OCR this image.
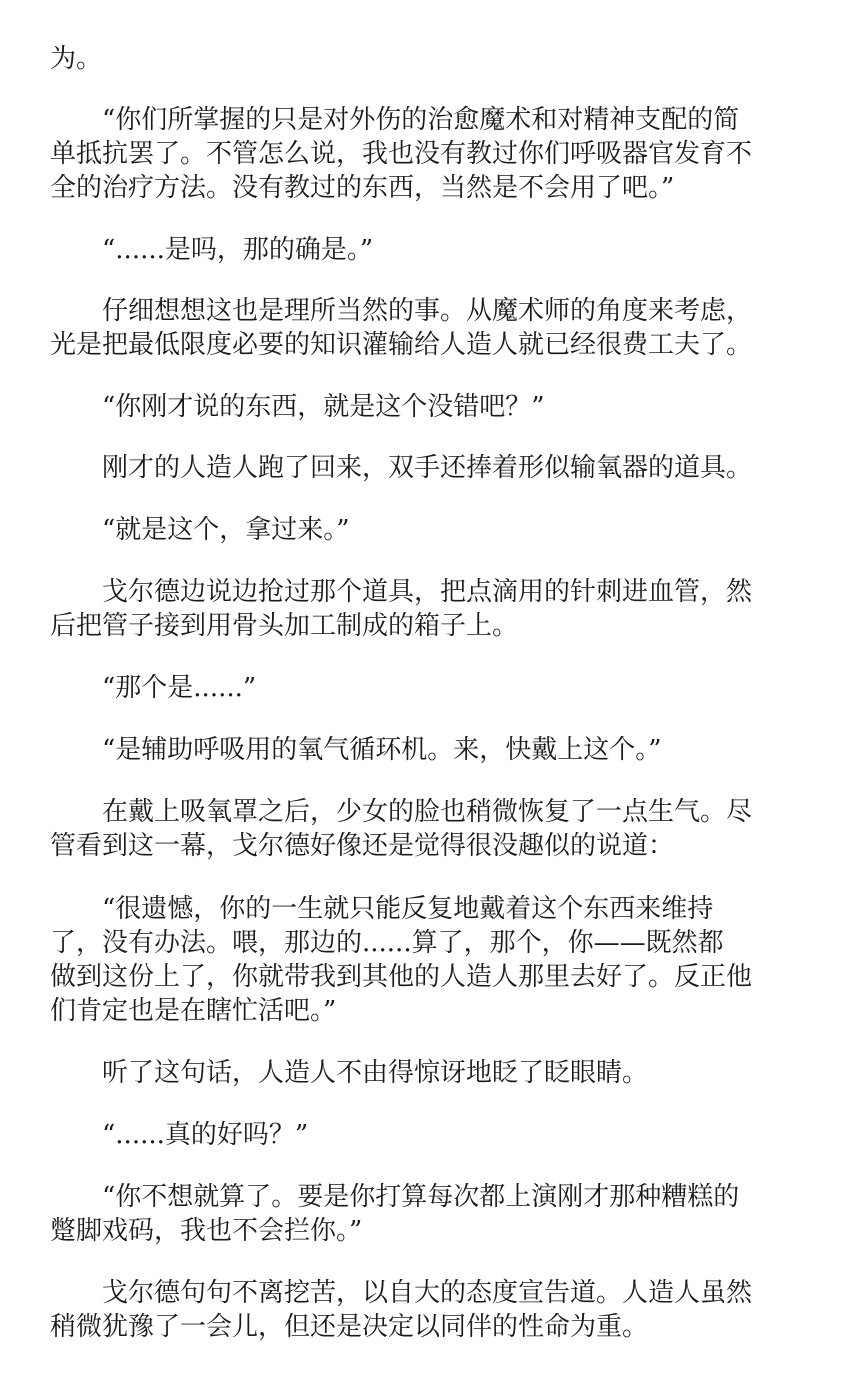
为。
　　“你们所掌握的只是对外伤的治愈魔术和对精神支配的简
单抵抗罢了。不管怎么说，我也没有教过你们呼吸器官发育不
全的治疗方法。没有教过的东西，当然是不会用了吧。”
　　“......是吗，那的确是。”
　　仔细想想这也是理所当然的事。从魔术师的角度来考虑，
光是把最低限度必要的知识灌输给人造人就已经很费工夫了。
　　“你刚才说的东西，就是这个没错吧？”
　　刚才的人造人跑了回来，双手还捧着形似输氧器的道具。
　　“就是这个，拿过来。”
　　戈尔德边说边抢过那个道具，把点滴用的针刺进血管，然
后把管子接到用骨头加工制成的箱子上。
　　“那个是......”
　　“是辅助呼吸用的氧气循环机。来，快戴上这个。”
　　在戴上吸氧罩之后，少女的脸也稍微恢复了一点生气。尽
管看到这一幕，戈尔德好像还是觉得很没趣似的说道：
　　“很遗憾，你的一生就只能反复地戴着这个东西来维持
了，没有办法。喂，那边的......算了，那个，你——既然都
做到这份上了，你就带我到其他的人造人那里去好了。反正他
们肯定也是在瞎忙活吧。”
　　听了这句话，人造人不由得惊讶地眨了眨眼睛。
　　“......真的好吗？”
　　“你不想就算了。要是你打算每次都上演刚才那种糟糕的
蹩脚戏码，我也不会拦你。”
　　戈尔德句句不离挖苦，以自大的态度宣告道。人造人虽然
稍微犹豫了一会儿，但还是决定以同伴的性命为重。
